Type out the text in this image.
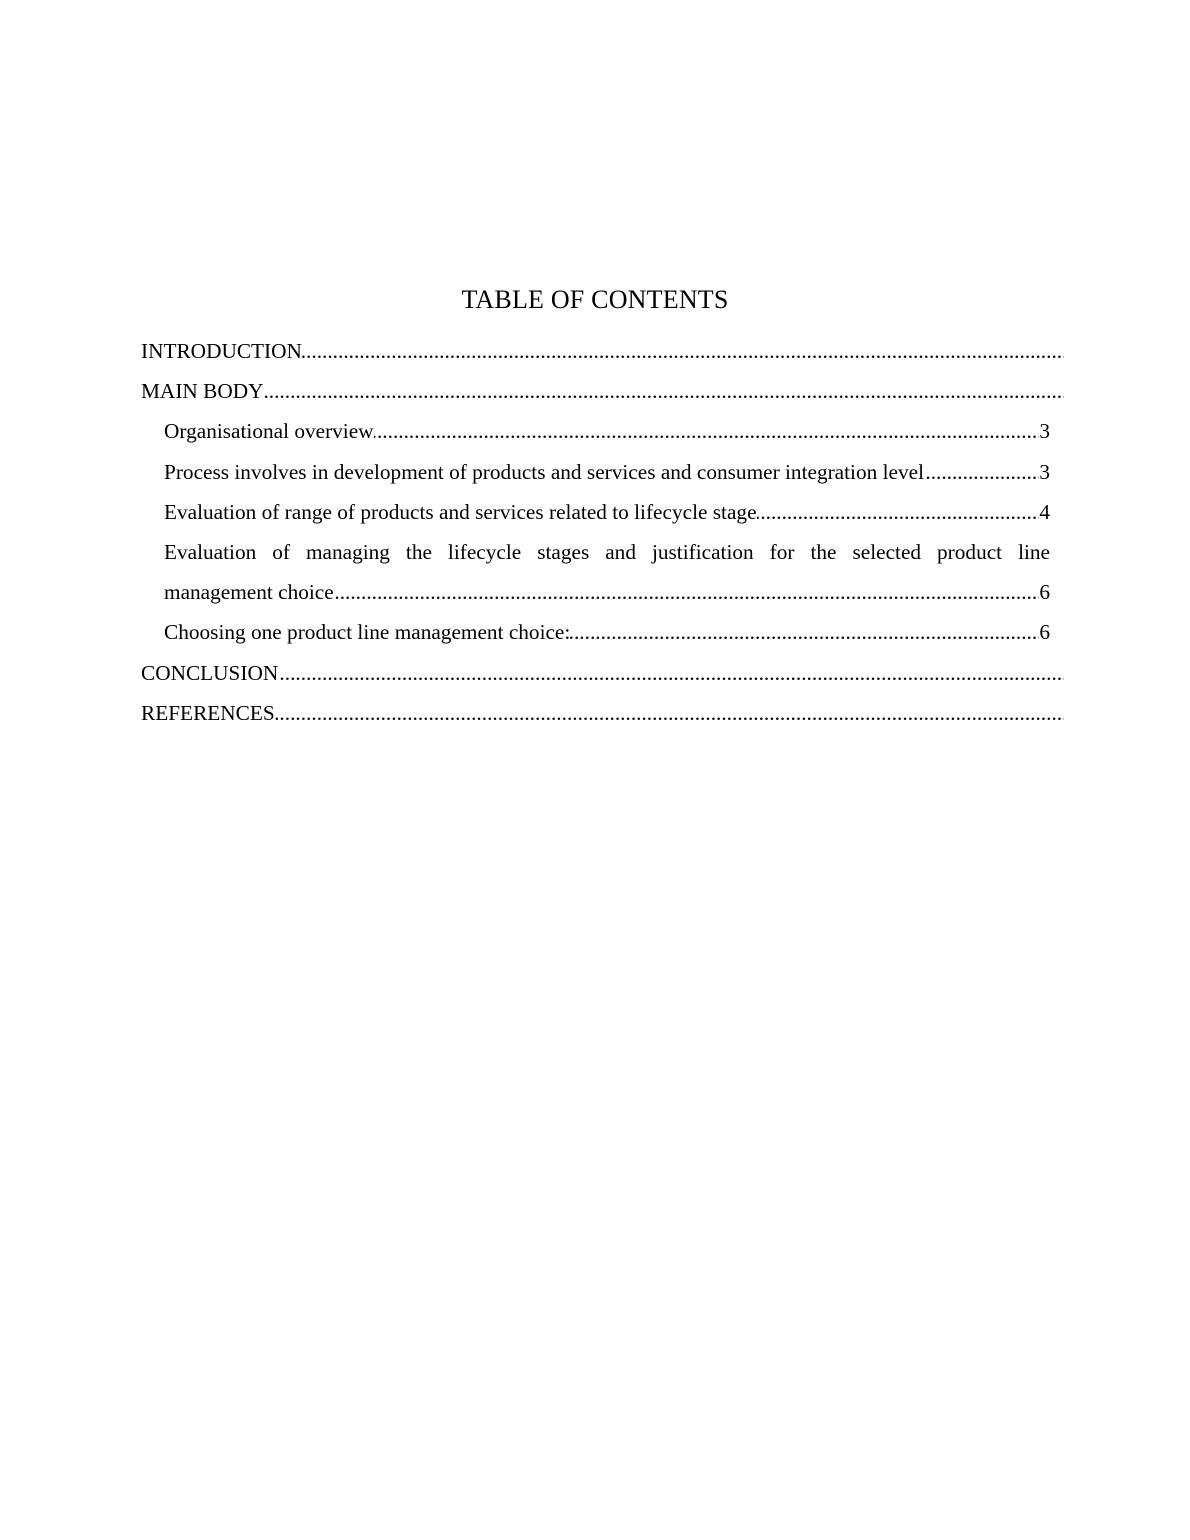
TABLE OF CONTENTS
.....
INTRODUCTION
.....
MAIN BODY
.....
Organisational overview	3
.....
Process involves in development of products and services and consumer integration level	3
.....
Evaluation of range of products and services related to lifecycle stage	4
Evaluation of managing the lifecycle stages and justification for the selected product line
.....
management choice	6
.....
Choosing one product line management choice:	6
.....
CONCLUSION
.....
REFERENCES
